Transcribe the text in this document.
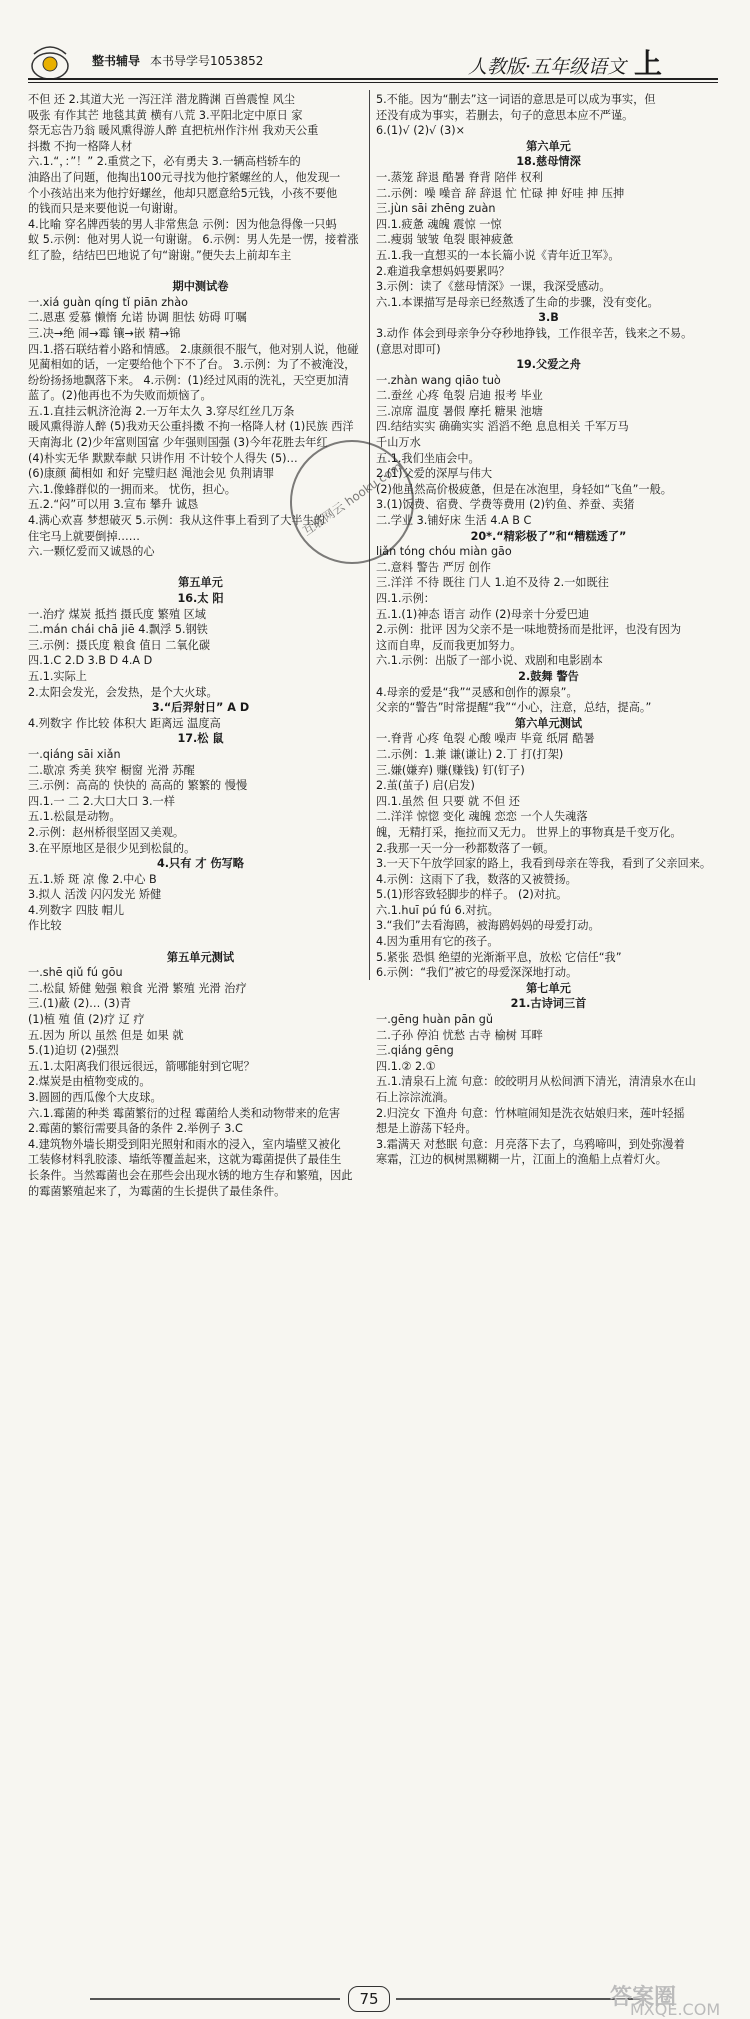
整书辅导 本书导学号1053852	人教版·五年级语文 上
不但 还 2.其道大光 一泻汪洋 潜龙腾渊 百兽震惶 风尘
吸张 有作其芒 地毯其黄 横有八荒 3.平阳北定中原日 家
祭无忘告乃翁 暖风熏得游人醉 直把杭州作汴州 我劝天公重
抖擞 不拘一格降人材
六.1.“，：”！” 2.重赏之下，必有勇夫 3.一辆高档轿车的
油路出了问题，他掏出100元寻找为他拧紧螺丝的人，他发现一
个小孩站出来为他拧好螺丝，他却只愿意给5元钱，小孩不要他
的钱而只是来要他说一句谢谢。
4.比喻 穿名牌西装的男人非常焦急 示例：因为他急得像一只蚂
蚁 5.示例：他对男人说一句谢谢。 6.示例：男人先是一愣，接着涨
红了脸，结结巴巴地说了句“谢谢。”便失去上前却车主

期中测试卷
一.xiá guàn qíng tǐ piān zhào
二.恩惠 爱慕 懒惰 允诺 协调 胆怯 妨碍 叮嘱
三.决→绝 闹→霉 镶→嵌 精→锦
四.1.搭石联结着小路和情感。 2.康颜很不服气，他对别人说，他碰
见蔺相如的话，一定要给他个下不了台。 3.示例：为了不被淹没，
纷纷扬扬地飘落下来。 4.示例：(1)经过风雨的洗礼，天空更加清
蓝了。(2)他再也不为失败而烦恼了。
五.1.直挂云帆济沧海 2.一万年太久 3.穿尽红丝几万条
暖风熏得游人醉 (5)我劝天公重抖擞 不拘一格降人材 (1)民族 西洋
天南海北 (2)少年富则国富 少年强则国强 (3)今年花胜去年红
(4)朴实无华 默默奉献 只讲作用 不计较个人得失 (5)…
(6)康颜 蔺相如 和好 完璧归赵 渑池会见 负荆请罪
六.1.像蜂群似的一拥而来。 忧伤，担心。
五.2.“闷”可以用 3.宣布 攀升 诚恳
4.满心欢喜 梦想破灭 5.示例：我从这件事上看到了大半生的
住宅马上就要倒掉……
六.一颗忆爱而又诚恳的心

第五单元
16.太 阳
一.治疗 煤炭 抵挡 摄氏度 繁殖 区域
二.mán chái chā jiē 4.飘浮 5.钢铁
三.示例：摄氏度 粮食 值日 二氧化碳
四.1.C 2.D 3.B D 4.A D
五.1.实际上
2.太阳会发光，会发热，是个大火球。
3.“后羿射日” A D
4.列数字 作比较 体积大 距离远 温度高
17.松 鼠
一.qiáng sāi xiǎn
二.歇凉 秀美 狭窄 橱窗 光滑 苏醒
三.示例：高高的 快快的 高高的 繁繁的 慢慢
四.1.一 二 2.大口大口 3.一样
五.1.松鼠是动物。
2.示例：赵州桥很坚固又美观。
3.在平原地区是很少见到松鼠的。
4.只有 才 伤写略
五.1.矫 斑 凉 像 2.中心 B
3.拟人 活泼 闪闪发光 矫健
4.列数字 四肢 帽儿
作比较

第五单元测试
一.shē qiǔ fú gōu
二.松鼠 矫健 勉强 粮食 光滑 繁殖 光滑 治疗
三.(1)蔽 (2)… (3)青
(1)植 殖 值 (2)疗 辽 疗
五.因为 所以 虽然 但是 如果 就
5.(1)迫切 (2)强烈
五.1.太阳离我们很远很远，箭哪能射到它呢？
2.煤炭是由植物变成的。
3.圆圆的西瓜像个大皮球。
六.1.霉菌的种类 霉菌繁衍的过程 霉菌给人类和动物带来的危害
2.霉菌的繁衍需要具备的条件 2.举例子 3.C
4.建筑物外墙长期受到阳光照射和雨水的浸入，室内墙壁又被化
工装修材料乳胶漆、墙纸等覆盖起来，这就为霉菌提供了最佳生
长条件。当然霉菌也会在那些会出现水锈的地方生存和繁殖，因此
的霉菌繁殖起来了，为霉菌的生长提供了最佳条件。
5.不能。因为“删去”这一词语的意思是可以成为事实，但
还没有成为事实，若删去，句子的意思本应不严谨。
6.(1)√ (2)√ (3)×
第六单元
18.慈母情深
一.蒸笼 辞退 酷暑 脊背 陪伴 权利
二.示例：噪 噪音 辞 辞退 忙 忙碌 抻 好哇 抻 压抻
三.jùn sāi zhēng zuàn
四.1.疲惫 魂魄 震惊 一惊
二.瘦弱 皱皱 龟裂 眼神疲惫
五.1.我一直想买的一本长篇小说《青年近卫军》。
2.难道我拿想妈妈要累吗？
3.示例：读了《慈母情深》一课，我深受感动。
六.1.本课描写是母亲已经熬透了生命的步骤，没有变化。
3.B
3.动作 体会到母亲争分夺秒地挣钱，工作很辛苦，钱来之不易。
(意思对即可)
19.父爱之舟
一.zhàn wang qiāo tuò
二.蚕丝 心疼 龟裂 启迪 报考 毕业
三.凉席 温度 暑假 摩托 糖果 池塘
四.结结实实 确确实实 滔滔不绝 息息相关 千军万马
千山万水
五.1.我们坐庙会中。
2.(1)父爱的深厚与伟大
(2)他虽然高价极疲惫，但是在冰泡里，身轻如“飞鱼”一般。
3.(1)饭费、宿费、学费等费用 (2)钓鱼、养蚕、卖猪
二.学业 3.铺好床 生活 4.A B C
20*.“精彩极了”和“糟糕透了”
liǎn tóng chóu miàn gāo
二.意料 警告 严厉 创作
三.洋洋 不待 既往 门人 1.迫不及待 2.一如既往
四.1.示例：
五.1.(1)神态 语言 动作 (2)母亲十分爱巴迪
2.示例：批评 因为父亲不是一味地赞扬而是批评，也没有因为
这而自卑，反而我更加努力。
六.1.示例：出版了一部小说、戏剧和电影剧本
2.鼓舞 警告
4.母亲的爱是“我”“灵感和创作的源泉”。
父亲的“警告”时常提醒“我”“小心，注意，总结，提高。”
第六单元测试
一.脊背 心疼 龟裂 心酸 噪声 毕竟 纸屑 酷暑
二.示例：1.兼 谦(谦让) 2.丁 打(打架)
三.嫌(嫌弃) 赚(赚钱) 钉(钉子)
2.茧(茧子) 启(启发)
四.1.虽然 但 只要 就 不但 还
二.洋洋 惊惚 变化 魂魄 恋恋 一个人失魂落
魄，无精打采，拖拉而又无力。 世界上的事物真是千变万化。
2.我那一天一分一秒都数落了一顿。
3.一天下午放学回家的路上，我看到母亲在等我，看到了父亲回来。
4.示例：这雨下了我，数落的又被赞扬。
5.(1)形容致轻脚步的样子。 (2)对抗。
六.1.huī pú fú 6.对抗。
3.“我们”去看海鸥，被海鸥妈妈的母爱打动。
4.因为重用有它的孩子。
5.紧张 恐惧 绝望的光渐渐平息，放松 它信任“我”
6.示例：“我们”被它的母爱深深地打动。
第七单元
21.古诗词三首
一.gēng huàn pān gǔ
二.子孙 停泊 忧愁 古寺 榆树 耳畔
三.qiáng gēng
四.1.② 2.①
五.1.清泉石上流 句意：皎皎明月从松间洒下清光，清清泉水在山
石上淙淙流淌。
2.归浣女 下渔舟 句意：竹林喧闹知是洗衣姑娘归来，莲叶轻摇
想是上游荡下轻舟。
3.霜满天 对愁眠 句意：月亮落下去了，乌鸦啼叫，到处弥漫着
寒霜，江边的枫树黑糊糊一片，江面上的渔船上点着灯火。
互联网云 hooku.com
75	答案圈
MXQE.COM
